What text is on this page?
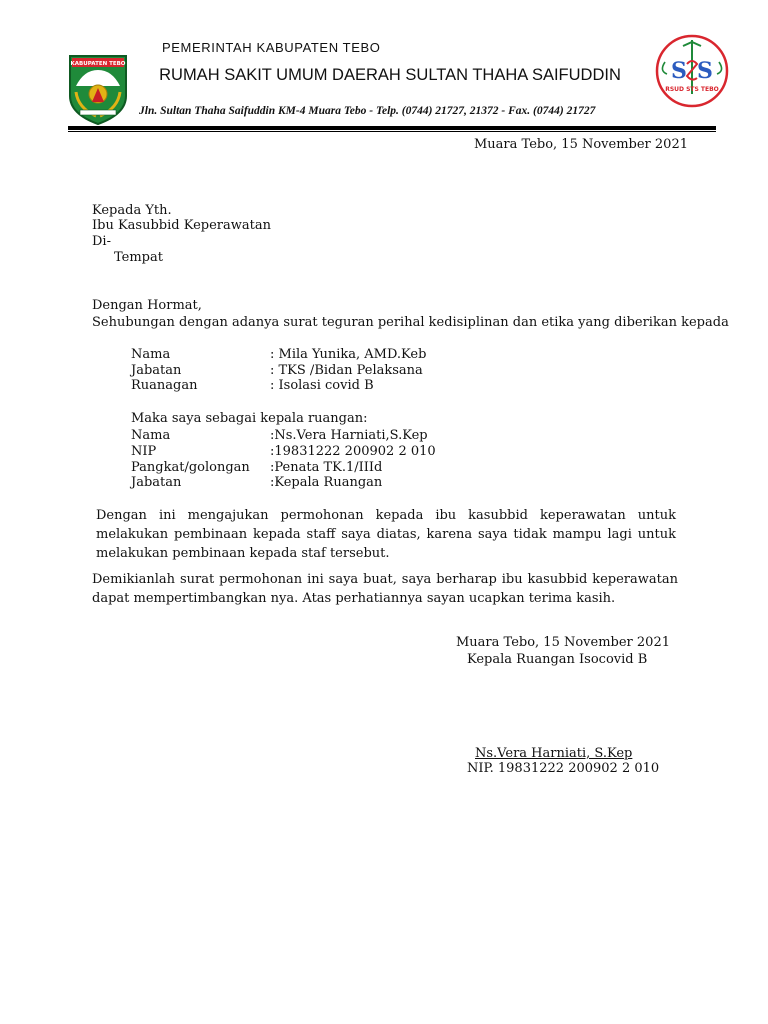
KABUPATEN TEBO
PEMERINTAH KABUPATEN TEBO
RUMAH SAKIT UMUM DAERAH SULTAN THAHA SAIFUDDIN
Jln. Sultan Thaha Saifuddin KM-4 Muara Tebo - Telp. (0744) 21727, 21372 - Fax. (0744) 21727
S S
RSUD STS TEBO
Muara Tebo, 15 November 2021
Kepada Yth.
Ibu Kasubbid Keperawatan
Di-
Tempat
Dengan Hormat,
Sehubungan dengan adanya surat teguran perihal kedisiplinan dan etika yang diberikan kepada
Nama	: Mila Yunika, AMD.Keb
Jabatan	: TKS /Bidan Pelaksana
Ruanagan	: Isolasi covid B
Maka saya sebagai kepala ruangan:
Nama	:Ns.Vera Harniati,S.Kep
NIP	:19831222 200902 2 010
Pangkat/golongan :Penata TK.1/IIId
Jabatan	:Kepala Ruangan
Dengan ini mengajukan permohonan kepada ibu kasubbid keperawatan untuk melakukan pembinaan kepada staff saya diatas, karena saya tidak mampu lagi untuk melakukan pembinaan kepada staf tersebut.
Demikianlah surat permohonan ini saya buat, saya berharap ibu kasubbid keperawatan dapat mempertimbangkan nya. Atas perhatiannya sayan ucapkan terima kasih.
Muara Tebo, 15 November 2021
Kepala Ruangan Isocovid B
Ns.Vera Harniati, S.Kep
NIP. 19831222 200902 2 010
